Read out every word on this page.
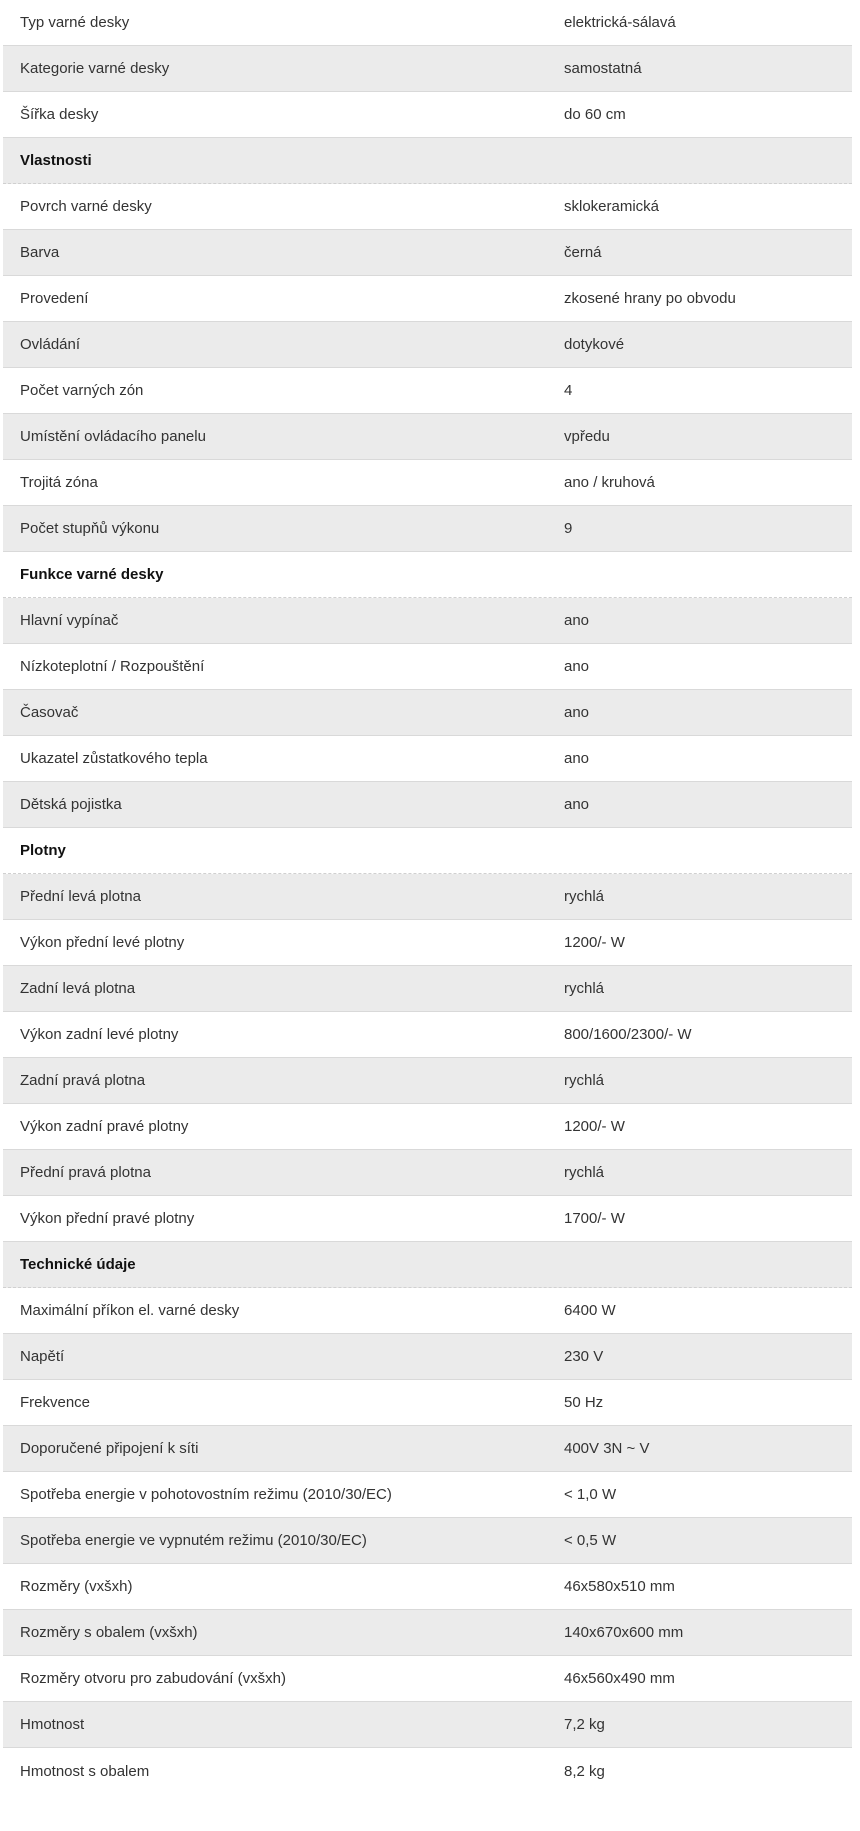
Typ varné desky	elektrická-sálavá
Kategorie varné desky	samostatná
Šířka desky	do 60 cm
Vlastnosti
Povrch varné desky	sklokeramická
Barva	černá
Provedení	zkosené hrany po obvodu
Ovládání	dotykové
Počet varných zón	4
Umístění ovládacího panelu	vpředu
Trojitá zóna	ano / kruhová
Počet stupňů výkonu	9
Funkce varné desky
Hlavní vypínač	ano
Nízkoteplotní / Rozpouštění	ano
Časovač	ano
Ukazatel zůstatkového tepla	ano
Dětská pojistka	ano
Plotny
Přední levá plotna	rychlá
Výkon přední levé plotny	1200/- W
Zadní levá plotna	rychlá
Výkon zadní levé plotny	800/1600/2300/- W
Zadní pravá plotna	rychlá
Výkon zadní pravé plotny	1200/- W
Přední pravá plotna	rychlá
Výkon přední pravé plotny	1700/- W
Technické údaje
Maximální příkon el. varné desky	6400 W
Napětí	230 V
Frekvence	50 Hz
Doporučené připojení k síti	400V 3N ~ V
Spotřeba energie v pohotovostním režimu (2010/30/EC)	< 1,0 W
Spotřeba energie ve vypnutém režimu (2010/30/EC)	< 0,5 W
Rozměry (vxšxh)	46x580x510 mm
Rozměry s obalem (vxšxh)	140x670x600 mm
Rozměry otvoru pro zabudování (vxšxh)	46x560x490 mm
Hmotnost	7,2 kg
Hmotnost s obalem	8,2 kg
